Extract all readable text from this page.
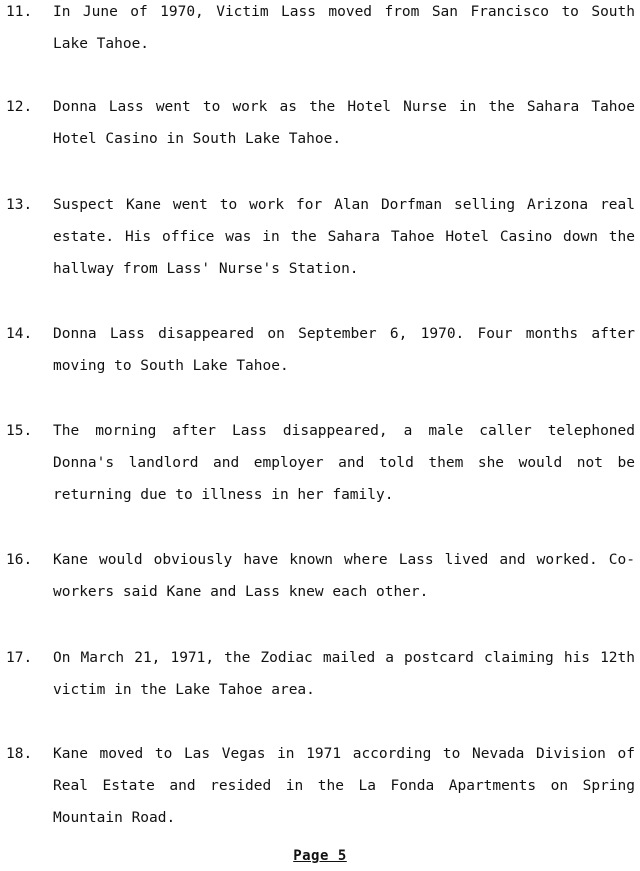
11.	In June of 1970, Victim Lass moved from San Francisco to South Lake Tahoe.
12.	Donna Lass went to work as the Hotel Nurse in the Sahara Tahoe Hotel Casino in South Lake Tahoe.
13.	Suspect Kane went to work for Alan Dorfman selling Arizona real estate. His office was in the Sahara Tahoe Hotel Casino down the hallway from Lass' Nurse's Station.
14.	Donna Lass disappeared on September 6, 1970. Four months after moving to South Lake Tahoe.
15.	The morning after Lass disappeared, a male caller telephoned Donna's landlord and employer and told them she would not be returning due to illness in her family.
16.	Kane would obviously have known where Lass lived and worked. Co-workers said Kane and Lass knew each other.
17.	On March 21, 1971, the Zodiac mailed a postcard claiming his 12th victim in the Lake Tahoe area.
18.	Kane moved to Las Vegas in 1971 according to Nevada Division of Real Estate and resided in the La Fonda Apartments on Spring Mountain Road.
Page 5
